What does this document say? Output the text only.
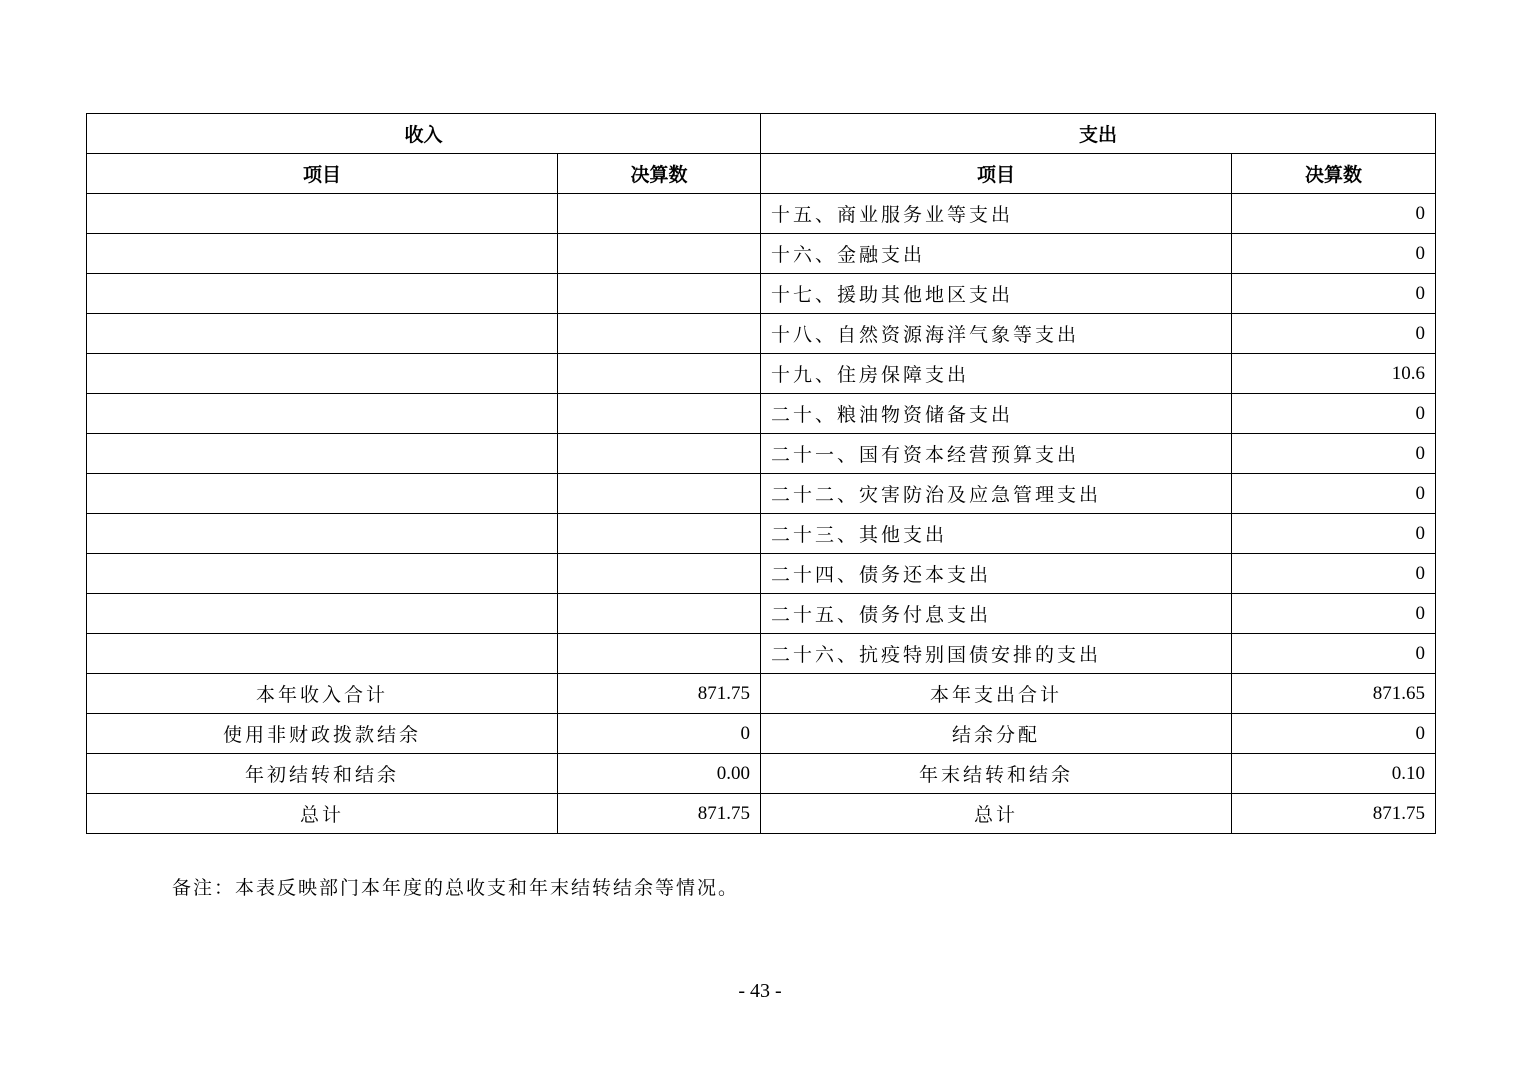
收入		支出	
项目	决算数	项目	决算数
		十五、商业服务业等支出	0
		十六、金融支出	0
		十七、援助其他地区支出	0
		十八、自然资源海洋气象等支出	0
		十九、住房保障支出	10.6
		二十、粮油物资储备支出	0
		二十一、国有资本经营预算支出	0
		二十二、灾害防治及应急管理支出	0
		二十三、其他支出	0
		二十四、债务还本支出	0
		二十五、债务付息支出	0
		二十六、抗疫特别国债安排的支出	0
本年收入合计	871.75	本年支出合计	871.65
使用非财政拨款结余	0	结余分配	0
年初结转和结余	0.00	年末结转和结余	0.10
总计	871.75	总计	871.75
备注：本表反映部门本年度的总收支和年末结转结余等情况。
- 43 -
